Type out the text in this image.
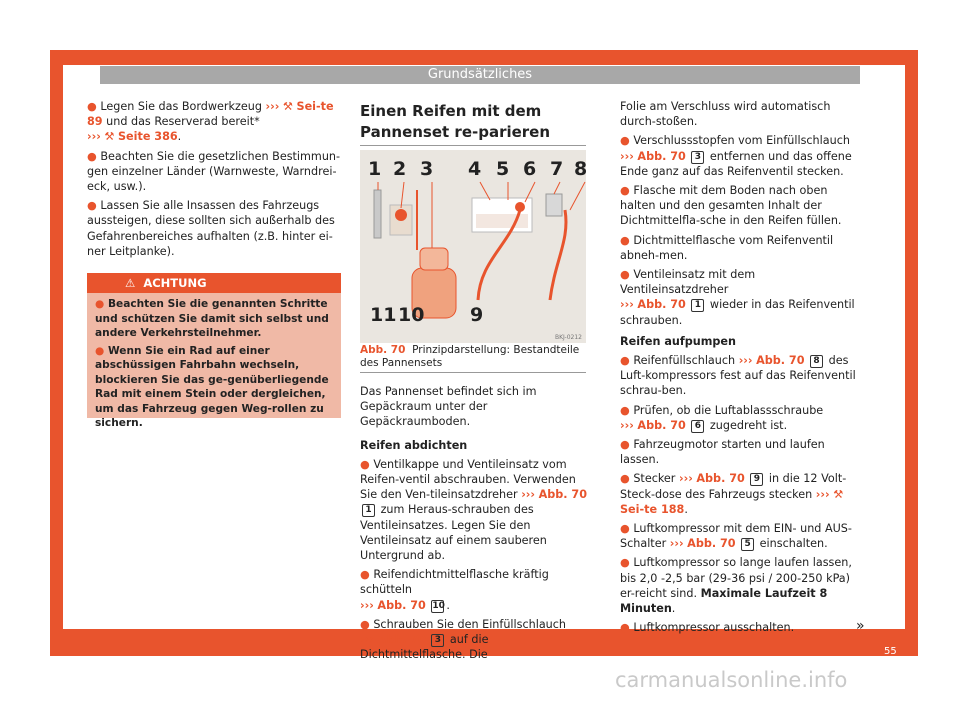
Grundsätzliches

● Legen Sie das Bordwerkzeug ››› ⚒ Sei-te 89 und das Reserverad bereit*
››› ⚒ Seite 386.

● Beachten Sie die gesetzlichen Bestimmun-gen einzelner Länder (Warnweste, Warndrei-eck, usw.).

● Lassen Sie alle Insassen des Fahrzeugs aussteigen, diese sollten sich außerhalb des Gefahrenbereiches aufhalten (z.B. hinter ei-ner Leitplanke).

⚠ ACHTUNG

● Beachten Sie die genannten Schritte und schützen Sie damit sich selbst und andere Verkehrsteilnehmer.

● Wenn Sie ein Rad auf einer abschüssigen Fahrbahn wechseln, blockieren Sie das ge-genüberliegende Rad mit einem Stein oder dergleichen, um das Fahrzeug gegen Weg-rollen zu sichern.

Einen Reifen mit dem Pannenset re-parieren
1 2 3 4 5 6 7 8
9
10
11
BKJ-0212
Abb. 70 Prinzipdarstellung: Bestandteile des Pannensets

Das Pannenset befindet sich im Gepäckraum unter der Gepäckraumboden.

Reifen abdichten

● Ventilkappe und Ventileinsatz vom Reifen-ventil abschrauben. Verwenden Sie den Ven-tileinsatzdreher ››› Abb. 70 1 zum Heraus-schrauben des Ventileinsatzes. Legen Sie den Ventileinsatz auf einem sauberen Untergrund ab.

● Reifendichtmittelflasche kräftig schütteln
››› Abb. 70 10.

● Schrauben Sie den Einfüllschlauch
››› Abb. 70 3 auf die Dichtmittelflasche. Die

Folie am Verschluss wird automatisch durch-stoßen.

● Verschlussstopfen vom Einfüllschlauch
››› Abb. 70 3 entfernen und das offene Ende ganz auf das Reifenventil stecken.

● Flasche mit dem Boden nach oben halten und den gesamten Inhalt der Dichtmittelfla-sche in den Reifen füllen.

● Dichtmittelflasche vom Reifenventil abneh-men.

● Ventileinsatz mit dem Ventileinsatzdreher
››› Abb. 70 1 wieder in das Reifenventil schrauben.

Reifen aufpumpen

● Reifenfüllschlauch ››› Abb. 70 8 des Luft-kompressors fest auf das Reifenventil schrau-ben.

● Prüfen, ob die Luftablassschraube
››› Abb. 70 6 zugedreht ist.

● Fahrzeugmotor starten und laufen lassen.

● Stecker ››› Abb. 70 9 in die 12 Volt-Steck-dose des Fahrzeugs stecken ››› ⚒ Sei-te 188.

● Luftkompressor mit dem EIN- und AUS-Schalter ››› Abb. 70 5 einschalten.

● Luftkompressor so lange laufen lassen, bis 2,0 -2,5 bar (29-36 psi / 200-250 kPa) er-reicht sind. Maximale Laufzeit 8 Minuten.

● Luftkompressor ausschalten.	»
55
carmanualsonline.info
